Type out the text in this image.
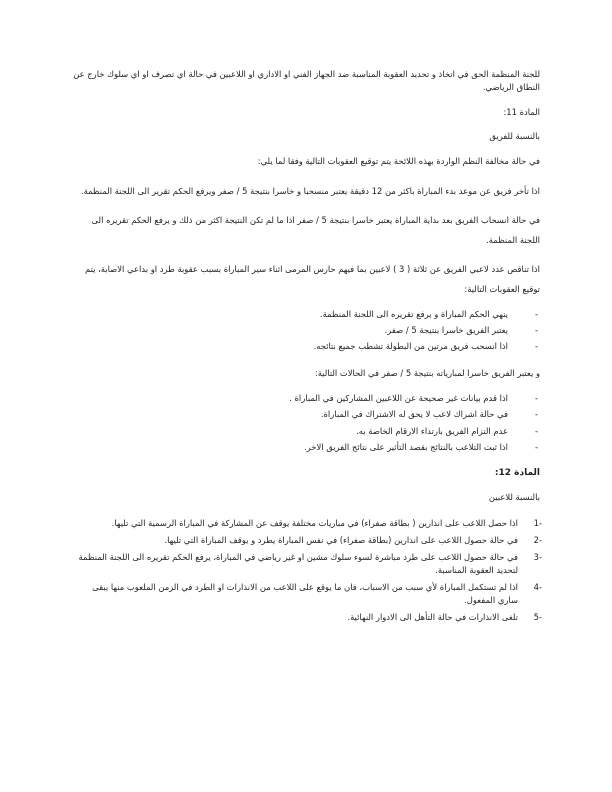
للجنة المنظمة الحق في اتخاذ و تحديد العقوبة المناسبة ضد الجهاز الفني او الاداري او اللاعبين في حالة اي تصرف او اي سلوك خارج عن النطاق الرياضي.

المادة 11:

بالنسبة للفريق

في حالة مخالفة النظم الواردة بهذه اللائحة يتم توقيع العقوبات التالية وفقا لما يلي:

اذا تأخر فريق عن موعد بدء المباراة باكثر من 12 دقيقة يعتبر منسحبا و خاسرا بنتيجة 5 / صفر ويرفع الحكم تقرير الى اللجنة المنظمة.

في حالة انسحاب الفريق بعد بداية المباراة يعتبر خاسرا بنتيجة 5 / صفر اذا ما لم تكن النتيجة اكثر من ذلك و يرفع الحكم تقريره الى اللجنة المنظمة.

اذا تناقص عدد لاعبي الفريق عن ثلاثة ( 3 ) لاعبين بما فيهم حارس المرمى اثناء سير المباراة بسبب عقوبة طرد او بداعي الاصابة، يتم توقيع العقوبات التالية:

-
ينهي الحكم المباراة و يرفع تقريره الى اللجنة المنظمة.
-
يعتبر الفريق خاسرا بنتيجة 5 / صفر.
-
اذا انسحب فريق مرتين من البطولة تشطب جميع نتائجه.

و يعتبر الفريق خاسرا لمبارياته بنتيجة 5 / صفر في الحالات التالية:

-
اذا قدم بيانات غير صحيحة عن اللاعبين المشاركين في المباراة .
-
في حالة اشراك لاعب لا يحق له الاشتراك في المباراة.
-
عدم التزام الفريق بارتداء الارقام الخاصة به.
-
اذا ثبت التلاعب بالنتائج بقصد التأثير على نتائج الفريق الاخر.

المادة 12:

بالنسبة للاعبين

1-
اذا حصل اللاعب على انذارين ( بطاقة صفراء) في مباريات مختلفة يوقف عن المشاركة في المباراة الرسمية التي تليها.
2-
في حالة حصول اللاعب على انذارين (بطاقة صفراء) في نفس المباراة يطرد و يوقف المباراة التي تليها.
3-
في حالة حصول اللاعب على طرد مباشرة لسوء سلوك مشين او غير رياضي في المباراة، يرفع الحكم تقريره الى اللجنة المنظمة لتحديد العقوبة المناسبة.
4-
اذا لم تستكمل المباراة لأي سبب من الاسباب، فان ما يوقع على اللاعب من الانذارات او الطرد في الزمن الملعوب منها يبقى ساري المفعول.
5-
تلغى الانذارات في حالة التأهل الى الادوار النهائية.
